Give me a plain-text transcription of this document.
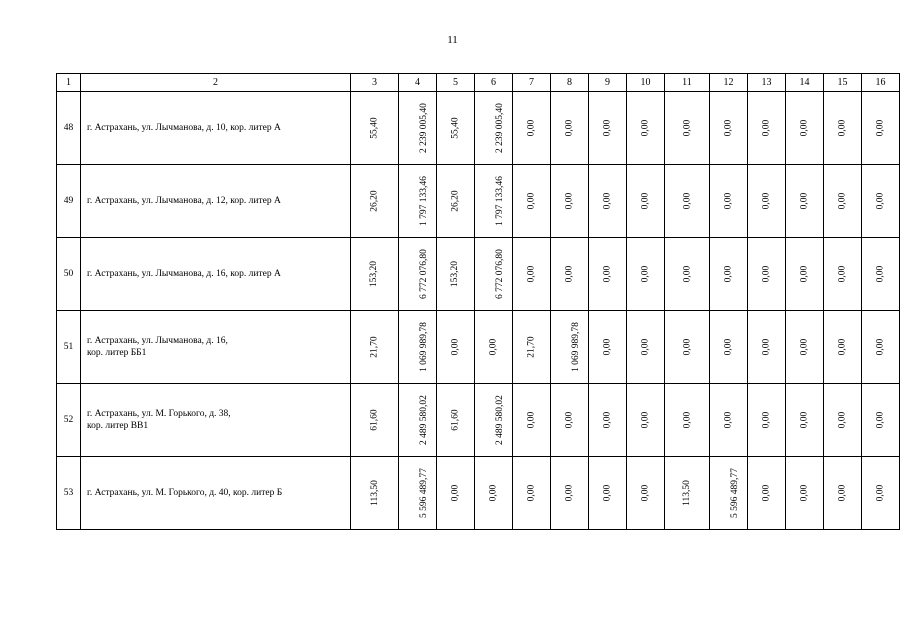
11
1	2	3	4	5	6	7	8	9	10	11	12	13	14	15	16
48	г. Астрахань, ул. Лычманова, д. 10, кор. литер А	55,40	2 239 005,40	55,40	2 239 005,40	0,00	0,00	0,00	0,00	0,00	0,00	0,00	0,00	0,00	0,00
49	г. Астрахань, ул. Лычманова, д. 12, кор. литер А	26,20	1 797 133,46	26,20	1 797 133,46	0,00	0,00	0,00	0,00	0,00	0,00	0,00	0,00	0,00	0,00
50	г. Астрахань, ул. Лычманова, д. 16, кор. литер А	153,20	6 772 076,80	153,20	6 772 076,80	0,00	0,00	0,00	0,00	0,00	0,00	0,00	0,00	0,00	0,00
51	г. Астрахань, ул. Лычманова, д. 16,
кор. литер ББ1	21,70	1 069 989,78	0,00	0,00	21,70	1 069 989,78	0,00	0,00	0,00	0,00	0,00	0,00	0,00	0,00
52	г. Астрахань, ул. М. Горького, д. 38,
кор. литер ВВ1	61,60	2 489 580,02	61,60	2 489 580,02	0,00	0,00	0,00	0,00	0,00	0,00	0,00	0,00	0,00	0,00
53	г. Астрахань, ул. М. Горького, д. 40, кор. литер Б	113,50	5 596 489,77	0,00	0,00	0,00	0,00	0,00	0,00	113,50	5 596 489,77	0,00	0,00	0,00	0,00
